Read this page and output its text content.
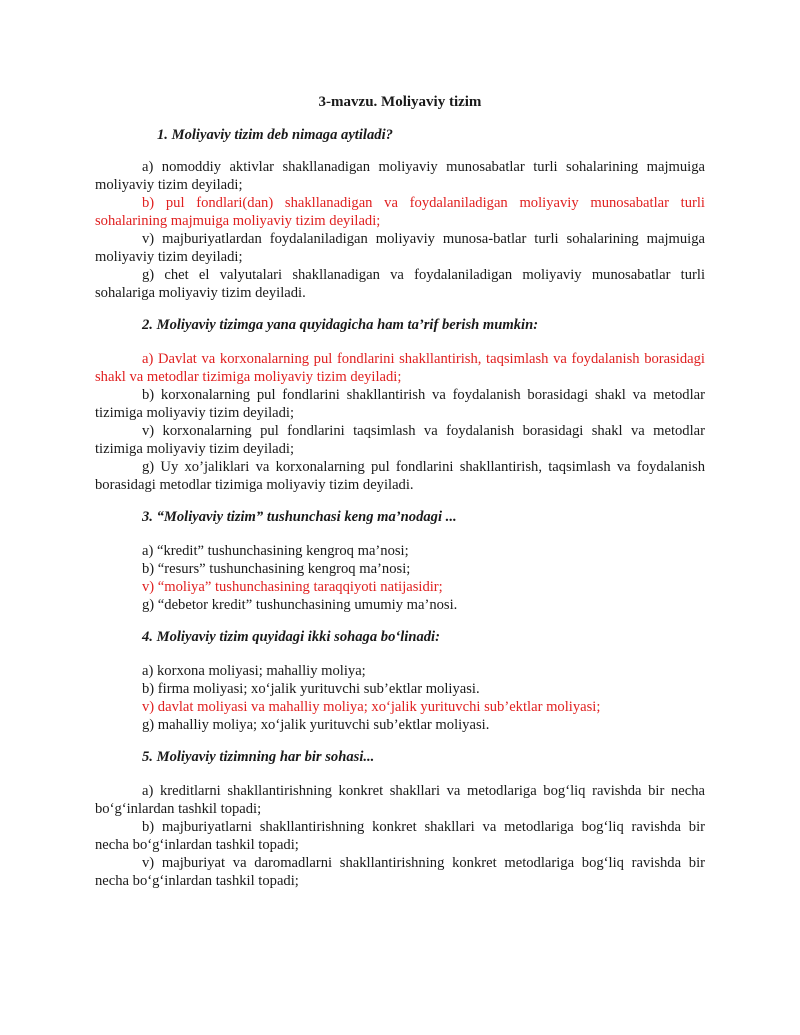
3-mavzu. Moliyaviy tizim

1. Moliyaviy tizim deb nimaga aytiladi?

a) nomoddiy aktivlar shakllanadigan moliyaviy munosabatlar turli sohalarining majmuiga moliyaviy tizim deyiladi;

b) pul fondlari(dan) shakllanadigan va foydalaniladigan moliyaviy munosabatlar turli sohalarining majmuiga moliyaviy tizim deyiladi;

v) majburiyatlardan foydalaniladigan moliyaviy munosa-batlar turli sohalarining majmuiga moliyaviy tizim deyiladi;

g) chet el valyutalari shakllanadigan va foydalaniladigan moliyaviy munosabatlar turli sohalariga moliyaviy tizim deyiladi.

2. Moliyaviy tizimga yana quyidagicha ham ta’rif berish mumkin:

a) Davlat va korxonalarning pul fondlarini shakllantirish, taqsimlash va foydalanish borasidagi shakl va metodlar tizimiga moliyaviy tizim deyiladi;

b) korxonalarning pul fondlarini shakllantirish va foydalanish borasidagi shakl va metodlar tizimiga moliyaviy tizim deyiladi;

v) korxonalarning pul fondlarini taqsimlash va foydalanish borasidagi shakl va metodlar tizimiga moliyaviy tizim deyiladi;

g) Uy xo’jaliklari va korxonalarning pul fondlarini shakllantirish, taqsimlash va foydalanish borasidagi metodlar tizimiga moliyaviy tizim deyiladi.

3. “Moliyaviy tizim” tushunchasi keng ma’nodagi ...

a) “kredit” tushunchasining kengroq ma’nosi;

b) “resurs” tushunchasining kengroq ma’nosi;

v) “moliya” tushunchasining taraqqiyoti natijasidir;

g) “debetor kredit” tushunchasining umumiy ma’nosi.

4. Moliyaviy tizim quyidagi ikki sohaga bo‘linadi:

a) korxona moliyasi; mahalliy moliya;

b) firma moliyasi; xo‘jalik yurituvchi sub’ektlar moliyasi.

v) davlat moliyasi va mahalliy moliya; xo‘jalik yurituvchi sub’ektlar moliyasi;

g) mahalliy moliya; xo‘jalik yurituvchi sub’ektlar moliyasi.

5. Moliyaviy tizimning har bir sohasi...

a) kreditlarni shakllantirishning konkret shakllari va metodlariga bog‘liq ravishda bir necha bo‘g‘inlardan tashkil topadi;

b) majburiyatlarni shakllantirishning konkret shakllari va metodlariga bog‘liq ravishda bir necha bo‘g‘inlardan tashkil topadi;

v) majburiyat va daromadlarni shakllantirishning konkret metodlariga bog‘liq ravishda bir necha bo‘g‘inlardan tashkil topadi;
